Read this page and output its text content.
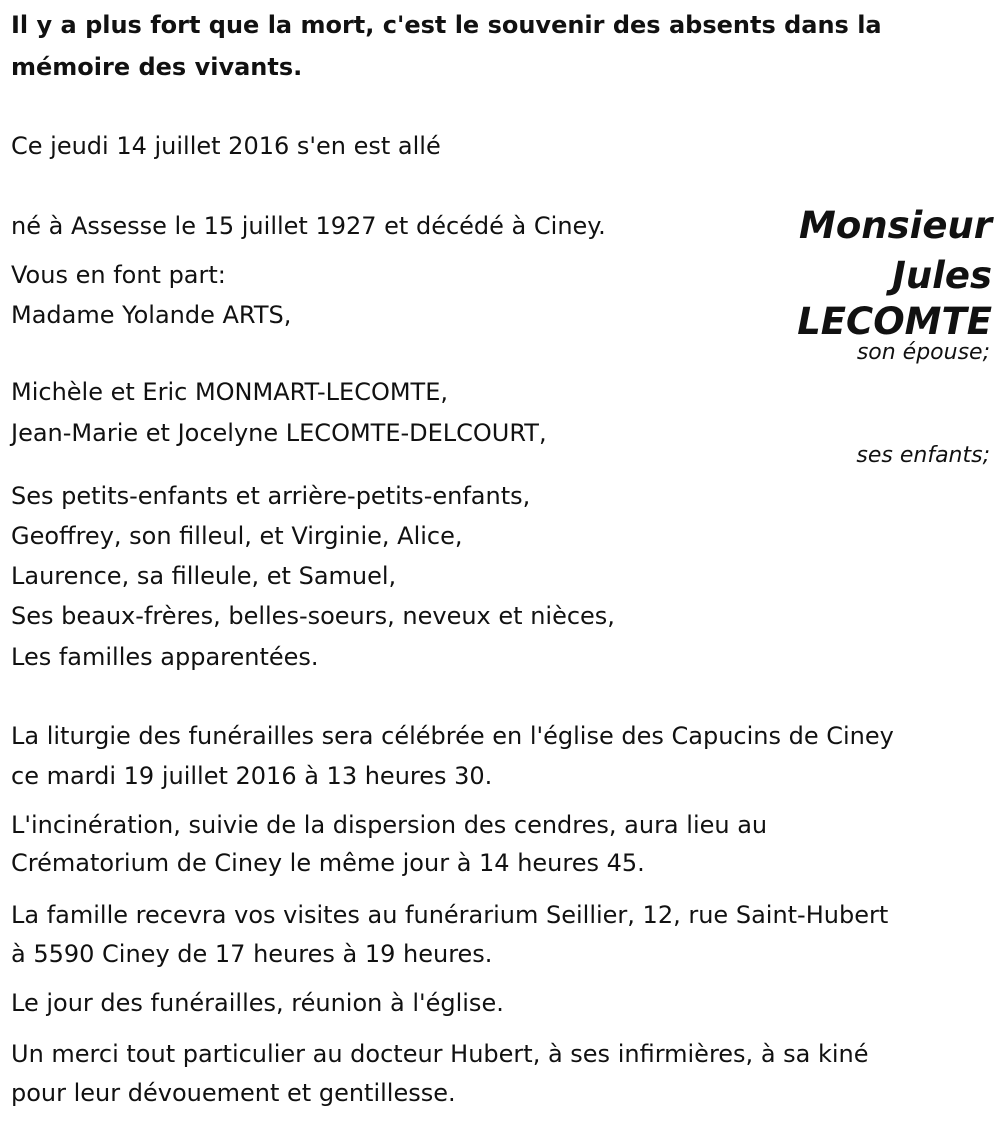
Il y a plus fort que la mort, c'est le souvenir des absents dans la
mémoire des vivants.
Ce jeudi 14 juillet 2016 s'en est allé
Monsieur
Jules
LECOMTE
né à Assesse le 15 juillet 1927 et décédé à Ciney.
Vous en font part:
Madame Yolande ARTS,
son épouse;
Michèle et Eric MONMART-LECOMTE,
Jean-Marie et Jocelyne LECOMTE-DELCOURT,
ses enfants;
Ses petits-enfants et arrière-petits-enfants,
Geoffrey, son filleul, et Virginie, Alice,
Laurence, sa filleule, et Samuel,
Ses beaux-frères, belles-soeurs, neveux et nièces,
Les familles apparentées.
La liturgie des funérailles sera célébrée en l'église des Capucins de Ciney
ce mardi 19 juillet 2016 à 13 heures 30.
L'incinération, suivie de la dispersion des cendres, aura lieu au
Crématorium de Ciney le même jour à 14 heures 45.
La famille recevra vos visites au funérarium Seillier, 12, rue Saint-Hubert
à 5590 Ciney de 17 heures à 19 heures.
Le jour des funérailles, réunion à l'église.
Un merci tout particulier au docteur Hubert, à ses infirmières, à sa kiné
pour leur dévouement et gentillesse.
